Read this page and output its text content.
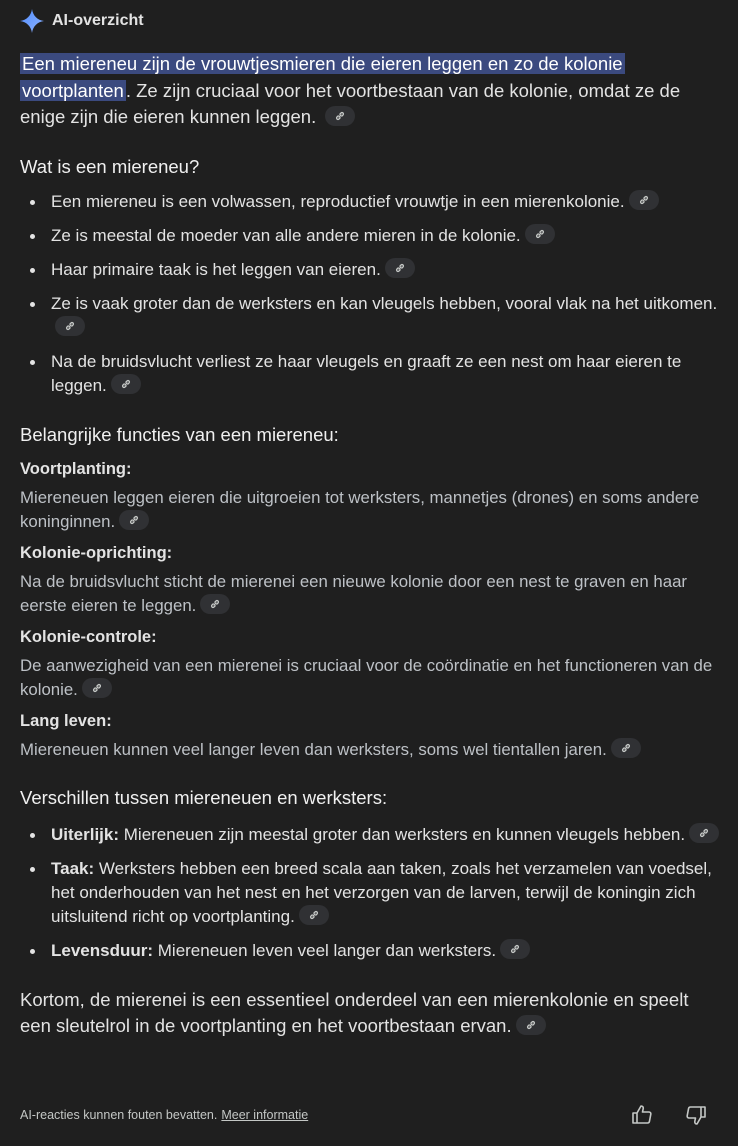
AI-overzicht
Een miereneu zijn de vrouwtjesmieren die eieren leggen en zo de kolonie
voortplanten . Ze zijn cruciaal voor het voortbestaan van de kolonie, omdat ze de enige zijn die eieren kunnen leggen.
Wat is een miereneu?
Een miereneu is een volwassen, reproductief vrouwtje in een mierenkolonie.
Ze is meestal de moeder van alle andere mieren in de kolonie.
Haar primaire taak is het leggen van eieren.
Ze is vaak groter dan de werksters en kan vleugels hebben, vooral vlak na het uitkomen.
Na de bruidsvlucht verliest ze haar vleugels en graaft ze een nest om haar eieren te leggen.
Belangrijke functies van een miereneu:

Voortplanting:

Miereneuen leggen eieren die uitgroeien tot werksters, mannetjes (drones) en soms andere koninginnen.

Kolonie-oprichting:

Na de bruidsvlucht sticht de mierenei een nieuwe kolonie door een nest te graven en haar eerste eieren te leggen.

Kolonie-controle:

De aanwezigheid van een mierenei is cruciaal voor de coördinatie en het functioneren van de kolonie.

Lang leven:

Miereneuen kunnen veel langer leven dan werksters, soms wel tientallen jaren.
Verschillen tussen miereneuen en werksters:
Uiterlijk: Miereneuen zijn meestal groter dan werksters en kunnen vleugels hebben.
Taak: Werksters hebben een breed scala aan taken, zoals het verzamelen van voedsel, het onderhouden van het nest en het verzorgen van de larven, terwijl de koningin zich uitsluitend richt op voortplanting.
Levensduur: Miereneuen leven veel langer dan werksters.
Kortom, de mierenei is een essentieel onderdeel van een mierenkolonie en speelt een sleutelrol in de voortplanting en het voortbestaan ervan.
AI-reacties kunnen fouten bevatten. Meer informatie
